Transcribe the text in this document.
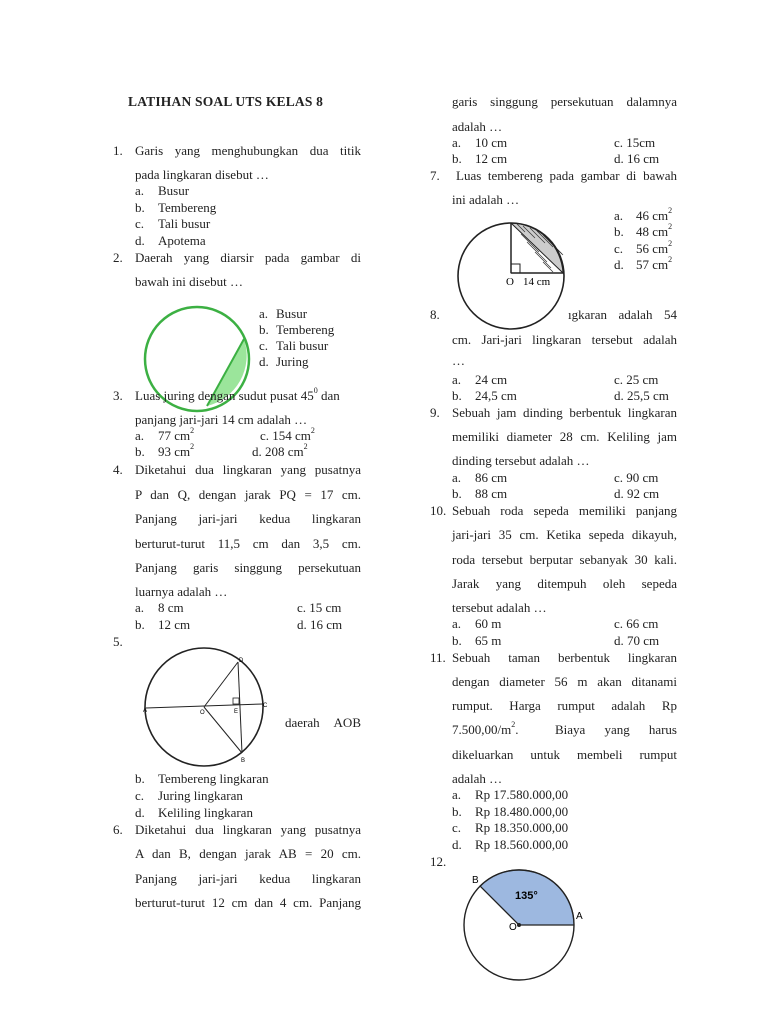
LATIHAN SOAL UTS KELAS 8
1. Garis yang menghubungkan dua titik
pada lingkaran disebut …
a. Busur
b. Tembereng
c. Tali busur
d. Apotema
2. Daerah yang diarsir pada gambar di
bawah ini disebut …
a. Busur
b. Tembereng
c. Tali busur
d. Juring
3. Luas juring dengan sudut pusat $45^0$ dan
panjang jari-jari 14 cm adalah …
a. 77 $cm^2$	c. 154 $cm^2$
b. 93 $cm^2$	d. 208 $cm^2$
4. Diketahui dua lingkaran yang pusatnya
P dan Q, dengan jarak PQ = 17 cm.
Panjang jari-jari kedua lingkaran
berturut-turut 11,5 cm dan 3,5 cm.
Panjang garis singgung persekutuan
luarnya adalah …
a. 8 cm	c. 15 cm
b. 12 cm	d. 16 cm
5.
D
A	O	E
C
B
daerah AOB
b. Tembereng lingkaran
c. Juring lingkaran
d. Keliling lingkaran
6. Diketahui dua lingkaran yang pusatnya
A dan B, dengan jarak AB = 20 cm.
Panjang jari-jari kedua lingkaran
berturut-turut 12 cm dan 4 cm. Panjang
garis singgung persekutuan dalamnya
adalah …
a. 10 cm	c. 15cm
b. 12 cm	d. 16 cm
7. Luas tembereng pada gambar di bawah
ini adalah …
O 14 cm
a. 46 $cm^2$
b. 48 $cm^2$
c. 56 $cm^2$
d. 57 $cm^2$
8.	ıgkaran adalah 54
cm. Jari-jari lingkaran tersebut adalah
…
a. 24 cm	c. 25 cm
b. 24,5 cm	d. 25,5 cm
9. Sebuah jam dinding berbentuk lingkaran
memiliki diameter 28 cm. Keliling jam
dinding tersebut adalah …
a. 86 cm	c. 90 cm
b. 88 cm	d. 92 cm
10. Sebuah roda sepeda memiliki panjang
jari-jari 35 cm. Ketika sepeda dikayuh,
roda tersebut berputar sebanyak 30 kali.
Jarak yang ditempuh oleh sepeda
tersebut adalah …
a. 60 m	c. 66 cm
b. 65 m	d. 70 cm
11. Sebuah taman berbentuk lingkaran
dengan diameter 56 m akan ditanami
rumput. Harga rumput adalah Rp
$7.500,00/m^2$.	Biaya yang harus
dikeluarkan untuk membeli rumput
adalah …
a. Rp 17.580.000,00
b. Rp 18.480.000,00
c. Rp 18.350.000,00
d. Rp 18.560.000,00
12.
B
135°
O
A
